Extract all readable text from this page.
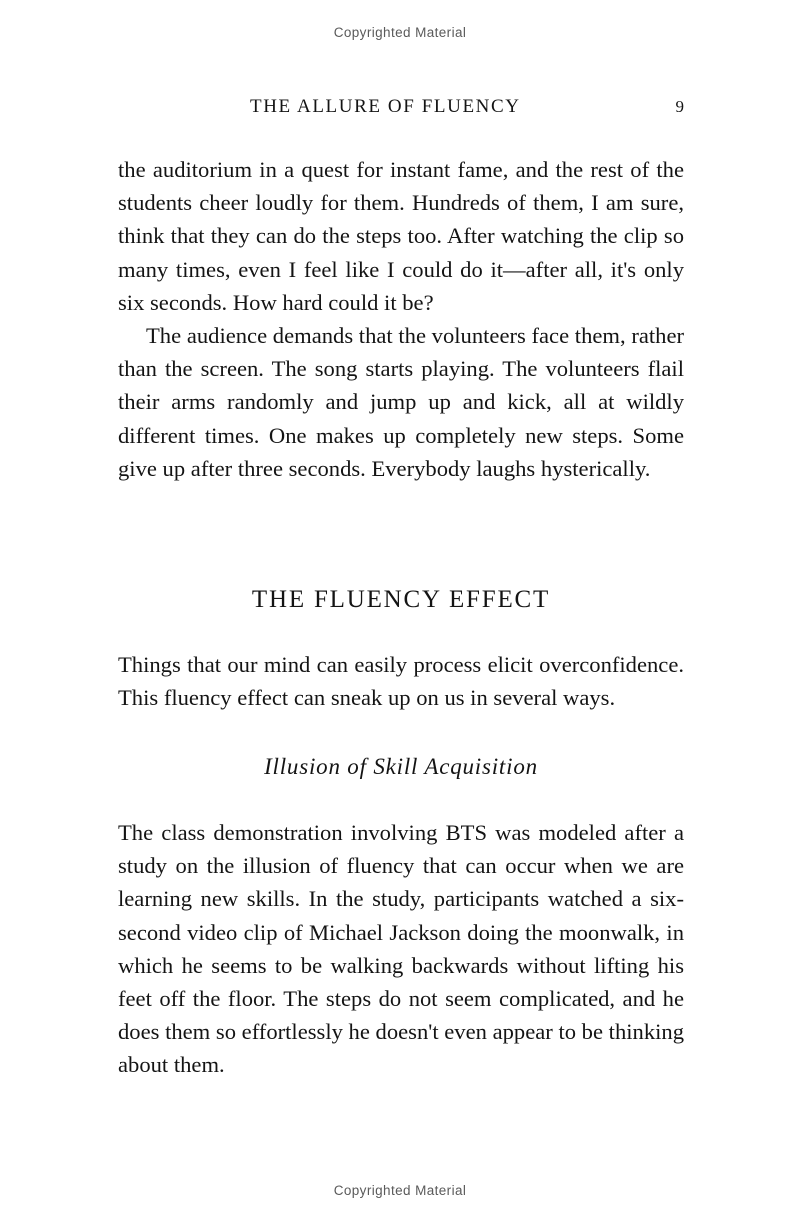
Copyrighted Material
THE ALLURE OF FLUENCY	9

the auditorium in a quest for instant fame, and the rest of the students cheer loudly for them. Hundreds of them, I am sure, think that they can do the steps too. After watching the clip so many times, even I feel like I could do it—after all, it's only six seconds. How hard could it be?

The audience demands that the volunteers face them, rather than the screen. The song starts playing. The volunteers flail their arms randomly and jump up and kick, all at wildly different times. One makes up completely new steps. Some give up after three seconds. Everybody laughs hysterically.

THE FLUENCY EFFECT

Things that our mind can easily process elicit overconfidence. This fluency effect can sneak up on us in several ways.

Illusion of Skill Acquisition

The class demonstration involving BTS was modeled after a study on the illusion of fluency that can occur when we are learning new skills. In the study, participants watched a six-second video clip of Michael Jackson doing the moonwalk, in which he seems to be walking backwards without lifting his feet off the floor. The steps do not seem complicated, and he does them so effortlessly he doesn't even appear to be thinking about them.

Copyrighted Material
